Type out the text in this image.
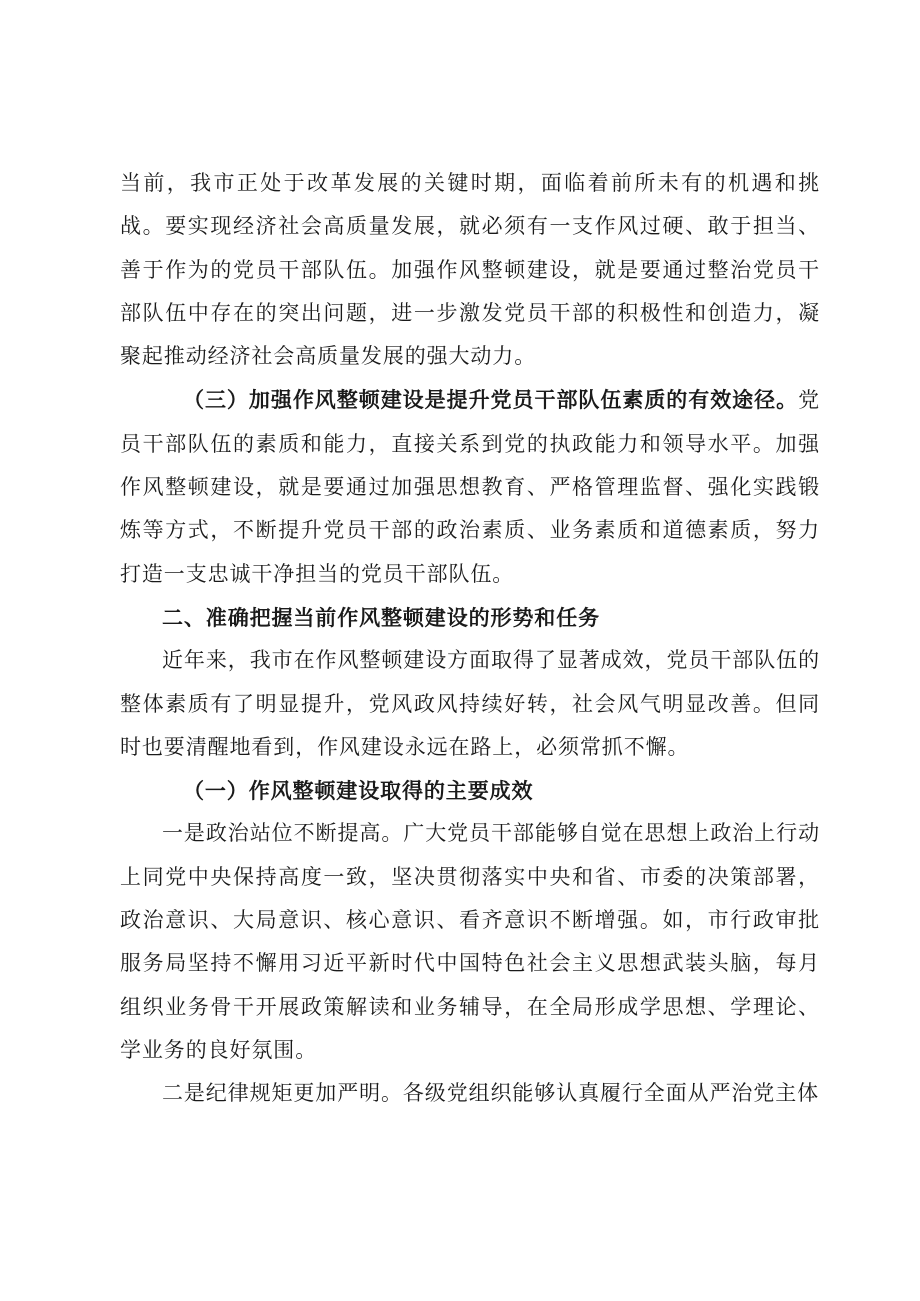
当前，我市正处于改革发展的关键时期，面临着前所未有的机遇和挑战。要实现经济社会高质量发展，就必须有一支作风过硬、敢于担当、善于作为的党员干部队伍。加强作风整顿建设，就是要通过整治党员干部队伍中存在的突出问题，进一步激发党员干部的积极性和创造力，凝聚起推动经济社会高质量发展的强大动力。

（三）加强作风整顿建设是提升党员干部队伍素质的有效途径。党员干部队伍的素质和能力，直接关系到党的执政能力和领导水平。加强作风整顿建设，就是要通过加强思想教育、严格管理监督、强化实践锻炼等方式，不断提升党员干部的政治素质、业务素质和道德素质，努力打造一支忠诚干净担当的党员干部队伍。

二、准确把握当前作风整顿建设的形势和任务

近年来，我市在作风整顿建设方面取得了显著成效，党员干部队伍的整体素质有了明显提升，党风政风持续好转，社会风气明显改善。但同时也要清醒地看到，作风建设永远在路上，必须常抓不懈。

（一）作风整顿建设取得的主要成效

一是政治站位不断提高。广大党员干部能够自觉在思想上政治上行动上同党中央保持高度一致，坚决贯彻落实中央和省、市委的决策部署，政治意识、大局意识、核心意识、看齐意识不断增强。如，市行政审批服务局坚持不懈用习近平新时代中国特色社会主义思想武装头脑，每月组织业务骨干开展政策解读和业务辅导，在全局形成学思想、学理论、学业务的良好氛围。

二是纪律规矩更加严明。各级党组织能够认真履行全面从严治党主体
